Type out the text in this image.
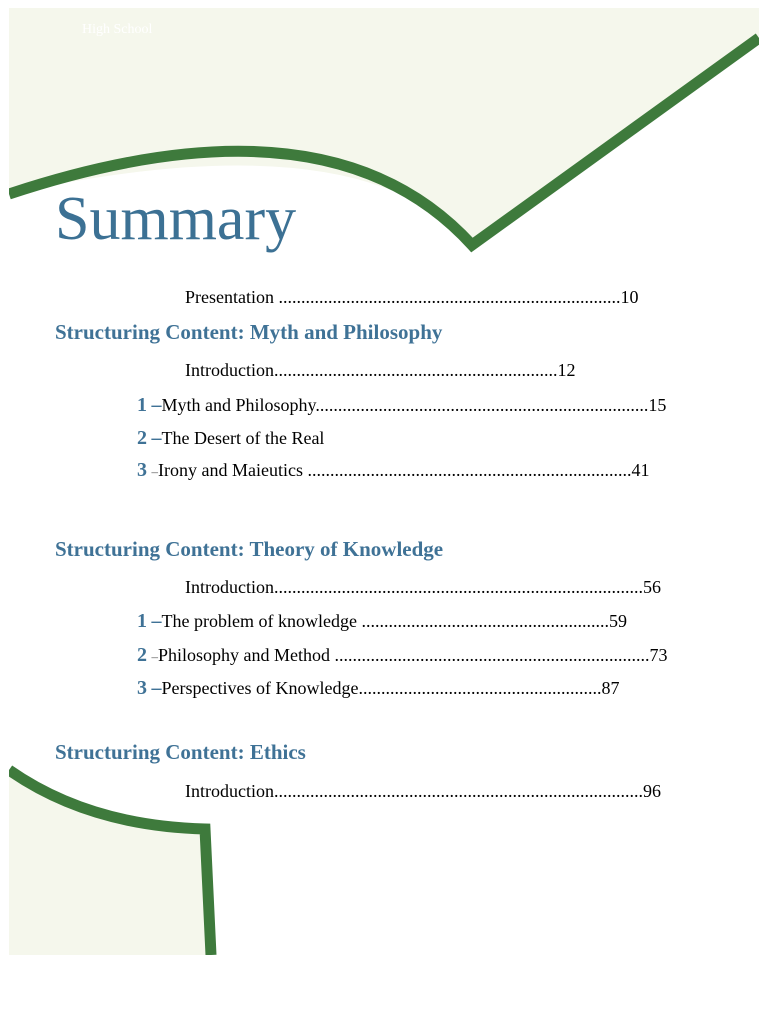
High School
Summary
Presentation ............................................................................10
Structuring Content: Myth and Philosophy
Introduction...............................................................12
1 –Myth and Philosophy..........................................................................15
2 –The Desert of the Real
3 –Irony and Maieutics ........................................................................41
Structuring Content: Theory of Knowledge
Introduction..................................................................................56
1 –The problem of knowledge .......................................................59
2 –Philosophy and Method ......................................................................73
3 –Perspectives of Knowledge......................................................87
Structuring Content: Ethics
Introduction..................................................................................96
